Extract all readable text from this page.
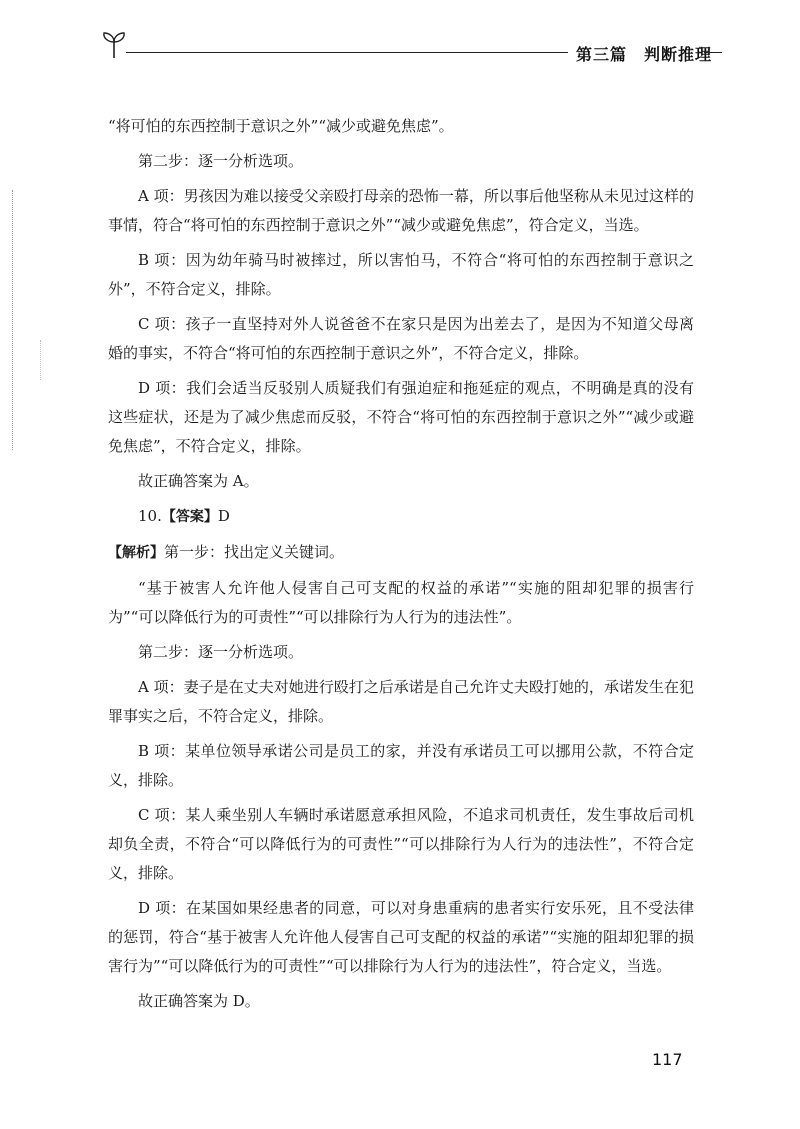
第三篇　判断推理

“将可怕的东西控制于意识之外”“减少或避免焦虑”。

第二步：逐一分析选项。

A 项：男孩因为难以接受父亲殴打母亲的恐怖一幕，所以事后他坚称从未见过这样的事情，符合“将可怕的东西控制于意识之外”“减少或避免焦虑”，符合定义，当选。

B 项：因为幼年骑马时被摔过，所以害怕马，不符合“将可怕的东西控制于意识之外”，不符合定义，排除。

C 项：孩子一直坚持对外人说爸爸不在家只是因为出差去了，是因为不知道父母离婚的事实，不符合“将可怕的东西控制于意识之外”，不符合定义，排除。

D 项：我们会适当反驳别人质疑我们有强迫症和拖延症的观点，不明确是真的没有这些症状，还是为了减少焦虑而反驳，不符合“将可怕的东西控制于意识之外”“减少或避免焦虑”，不符合定义，排除。

故正确答案为 A。

10.【答案】D

【解析】第一步：找出定义关键词。

“基于被害人允许他人侵害自己可支配的权益的承诺”“实施的阻却犯罪的损害行为”“可以降低行为的可责性”“可以排除行为人行为的违法性”。

第二步：逐一分析选项。

A 项：妻子是在丈夫对她进行殴打之后承诺是自己允许丈夫殴打她的，承诺发生在犯罪事实之后，不符合定义，排除。

B 项：某单位领导承诺公司是员工的家，并没有承诺员工可以挪用公款，不符合定义，排除。

C 项：某人乘坐别人车辆时承诺愿意承担风险，不追求司机责任，发生事故后司机却负全责，不符合“可以降低行为的可责性”“可以排除行为人行为的违法性”，不符合定义，排除。

D 项：在某国如果经患者的同意，可以对身患重病的患者实行安乐死，且不受法律的惩罚，符合“基于被害人允许他人侵害自己可支配的权益的承诺”“实施的阻却犯罪的损害行为”“可以降低行为的可责性”“可以排除行为人行为的违法性”，符合定义，当选。

故正确答案为 D。

117
